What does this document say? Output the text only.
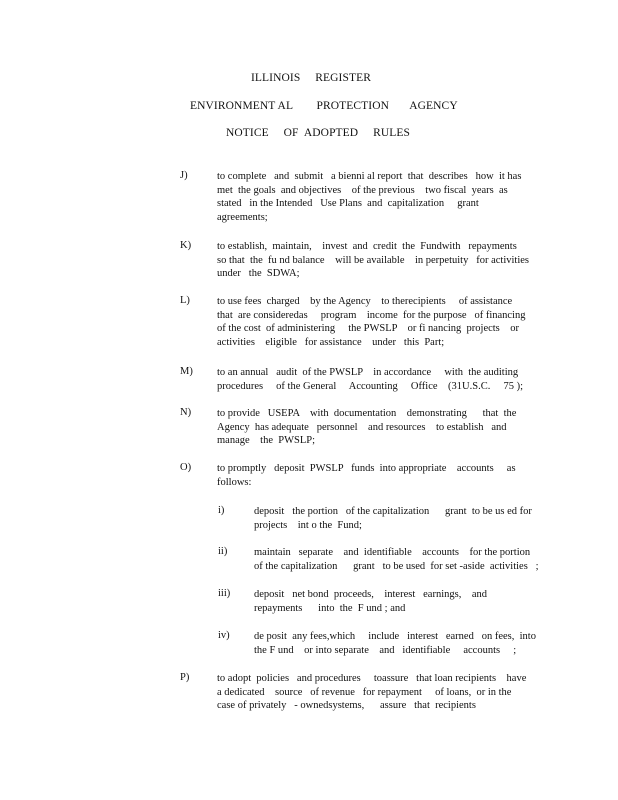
ILLINOIS     REGISTER
ENVIRONMENT AL        PROTECTION       AGENCY
NOTICE     OF  ADOPTED     RULES
J)	to complete   and  submit   a bienni al report  that  describes   how  it has
met  the goals  and objectives    of the previous    two fiscal  years  as
stated   in the Intended   Use Plans  and  capitalization     grant
agreements;
K) to establish,  maintain,    invest  and  credit  the  Fundwith   repayments
so that  the  fu nd balance    will be available    in perpetuity   for activities
under   the  SDWA;
L)	to use fees  charged    by the Agency    to therecipients     of assistance
that  are consideredas     program    income  for the purpose   of financing
of the cost  of administering     the PWSLP    or fi nancing  projects    or
activities    eligible   for assistance    under   this  Part;
M) to an annual   audit  of the PWSLP    in accordance     with  the auditing
procedures     of the General     Accounting     Office    (31U.S.C.     75 );
N) to provide   USEPA    with  documentation    demonstrating      that  the
Agency  has adequate   personnel    and resources    to establish   and
manage    the  PWSLP;
O) to promptly   deposit  PWSLP   funds  into appropriate    accounts     as
follows:
i)	deposit   the portion   of the capitalization      grant  to be us ed for
projects    int o the  Fund;
ii)	maintain   separate    and  identifiable    accounts    for the portion
of the capitalization      grant   to be used  for set -aside  activities   ;
iii) deposit   net bond  proceeds,    interest   earnings,    and
repayments      into  the  F und ; and
iv) de posit  any fees,which     include   interest   earned   on fees,  into
the F und    or into separate    and   identifiable     accounts     ;
P)	to adopt  policies   and procedures     toassure   that loan recipients    have
a dedicated    source   of revenue   for repayment     of loans,  or in the
case of privately   - ownedsystems,      assure   that  recipients
